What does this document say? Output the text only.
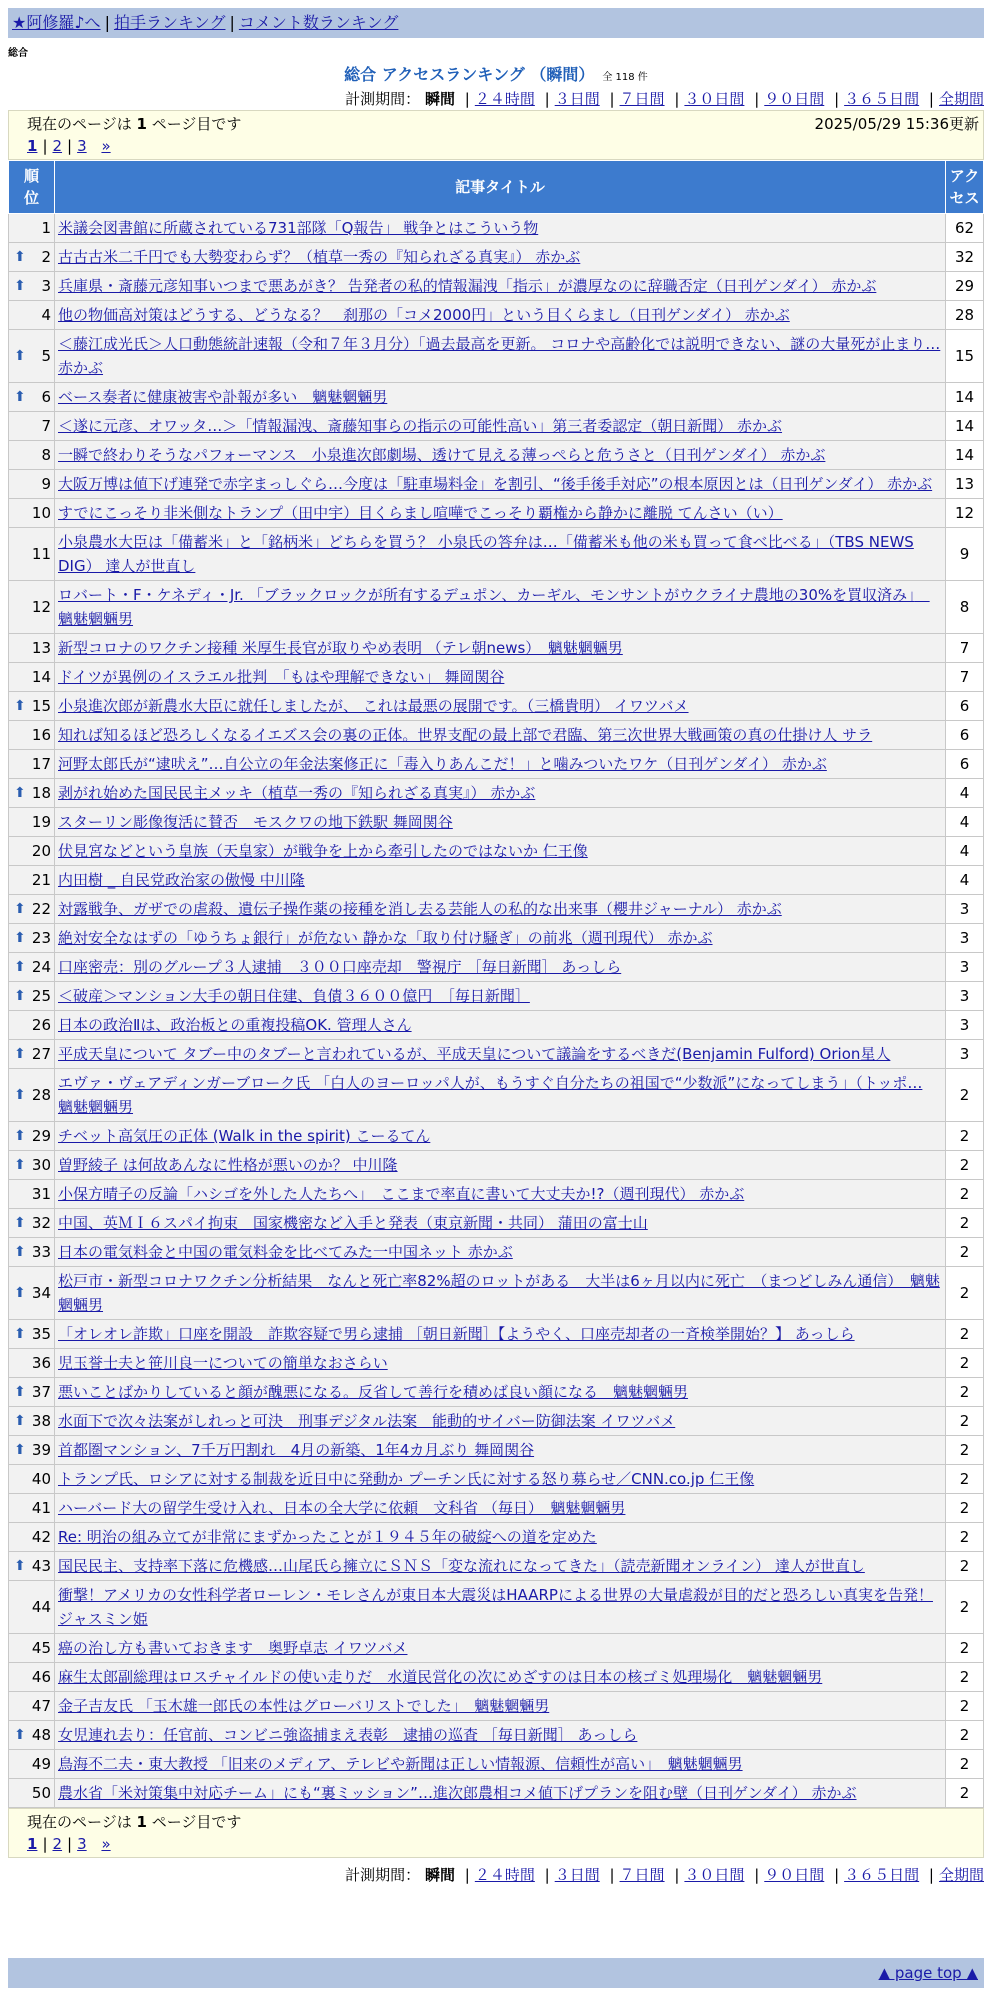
★阿修羅♪へ | 拍手ランキング | コメント数ランキング
総合
総合 アクセスランキング （瞬間） 全 118 件
計測期間： 瞬間 | ２４時間 | ３日間 | ７日間 | ３０日間 | ９０日間 | ３６５日間 | 全期間
現在のページは 1 ページ目です	2025/05/29 15:36更新
1 | 2 | 3 »
順位	記事タイトル	アクセス
1	米議会図書館に所蔵されている731部隊「Q報告」 戦争とはこういう物	62

⬆ 2	古古古米二千円でも大勢変わらず？（植草一秀の『知られざる真実』） 赤かぶ	32

⬆ 3	兵庫県・斎藤元彦知事いつまで悪あがき？ 告発者の私的情報漏洩「指示」が濃厚なのに辞職否定（日刊ゲンダイ） 赤かぶ	29
4	他の物価高対策はどうする、どうなる？　刹那の「コメ2000円」という目くらまし（日刊ゲンダイ） 赤かぶ	28

⬆ 5	＜藤江成光氏＞人口動態統計速報（令和７年３月分）「過去最高を更新。 コロナや高齢化では説明できない、謎の大量死が止まり… 赤かぶ	15

⬆ 6	ベース奏者に健康被害や訃報が多い　魑魅魍魎男	14
7	＜遂に元彦、オワッタ…＞「情報漏洩、斎藤知事らの指示の可能性高い」第三者委認定（朝日新聞） 赤かぶ	14
8	一瞬で終わりそうなパフォーマンス　小泉進次郎劇場、透けて見える薄っぺらと危うさと（日刊ゲンダイ） 赤かぶ	14
9	大阪万博は値下げ連発で赤字まっしぐら…今度は「駐車場料金」を割引、“後手後手対応”の根本原因とは（日刊ゲンダイ） 赤かぶ	13
10	すでにこっそり非米側なトランプ（田中宇）目くらまし喧嘩でこっそり覇権から静かに離脱 てんさい（い）	12
11	小泉農水大臣は「備蓄米」と「銘柄米」どちらを買う？ 小泉氏の答弁は…「備蓄米も他の米も買って食べ比べる」（TBS NEWS DIG） 達人が世直し	9
12	ロバート・F・ケネディ・Jr. 「ブラックロックが所有するデュポン、カーギル、モンサントがウクライナ農地の30%を買収済み」　魑魅魍魎男	8
13	新型コロナのワクチン接種 米厚生長官が取りやめ表明 （テレ朝news）　魑魅魍魎男	7
14	ドイツが異例のイスラエル批判　「もはや理解できない」 舞岡関谷	7

⬆ 15	小泉進次郎が新農水大臣に就任しましたが、 これは最悪の展開です。（三橋貴明） イワツバメ	6
16	知れば知るほど恐ろしくなるイエズス会の裏の正体。世界支配の最上部で君臨、第三次世界大戦画策の真の仕掛け人 サラ	6
17	河野太郎氏が“逮吠え”…自公立の年金法案修正に「毒入りあんこだ！」と噛みついたワケ（日刊ゲンダイ） 赤かぶ	6

⬆ 18	剥がれ始めた国民民主メッキ（植草一秀の『知られざる真実』） 赤かぶ	4
19	スターリン彫像復活に賛否　モスクワの地下鉄駅 舞岡関谷	4
20	伏見宮などという皇族（天皇家）が戦争を上から牽引したのではないか 仁王像	4
21	内田樹 _ 自民党政治家の傲慢 中川隆	4

⬆ 22	対露戦争、ガザでの虐殺、遺伝子操作薬の接種を消し去る芸能人の私的な出来事（櫻井ジャーナル） 赤かぶ	3

⬆ 23	絶対安全なはずの「ゆうちょ銀行」が危ない 静かな「取り付け騒ぎ」の前兆（週刊現代） 赤かぶ	3

⬆ 24	口座密売：別のグループ３人逮捕　３００口座売却　警視庁 ［毎日新聞］ あっしら	3

⬆ 25	＜破産＞マンション大手の朝日住建、負債３６００億円　［毎日新聞］	3
26	日本の政治Ⅱは、政治板との重複投稿OK. 管理人さん	3

⬆ 27	平成天皇について タブー中のタブーと言われているが、平成天皇について議論をするべきだ(Benjamin Fulford) Orion星人	3

⬆ 28	エヴァ・ヴェアディンガーブローク氏 「白人のヨーロッパ人が、もうすぐ自分たちの祖国で“少数派”になってしまう」（トッポ… 魑魅魍魎男	2

⬆ 29	チベット高気圧の正体 (Walk in the spirit) こーるてん	2

⬆ 30	曽野綾子 は何故あんなに性格が悪いのか？ 中川隆	2
31	小保方晴子の反論「ハシゴを外した人たちへ」　ここまで率直に書いて大丈夫か!?（週刊現代） 赤かぶ	2

⬆ 32	中国、英ＭＩ６スパイ拘束　国家機密など入手と発表（東京新聞・共同） 蒲田の富士山	2

⬆ 33	日本の電気料金と中国の電気料金を比べてみた一中国ネット 赤かぶ	2

⬆ 34	松戸市・新型コロナワクチン分析結果　なんと死亡率82%超のロットがある　大半は6ヶ月以内に死亡　（まつどしみん通信）　魑魅魍魎男	2

⬆ 35	「オレオレ詐欺」口座を開設　詐欺容疑で男ら逮捕 ［朝日新聞］【ようやく、口座売却者の一斉検挙開始？】 あっしら	2
36	児玉誉士夫と笹川良一についての簡単なおさらい	2

⬆ 37	悪いことばかりしていると顔が醜悪になる。反省して善行を積めば良い顔になる　魑魅魍魎男	2

⬆ 38	水面下で次々法案がしれっと可決　刑事デジタル法案　能動的サイバー防御法案 イワツバメ	2

⬆ 39	首都圏マンション、7千万円割れ　4月の新築、1年4カ月ぶり 舞岡関谷	2
40	トランプ氏、ロシアに対する制裁を近日中に発動か プーチン氏に対する怒り募らせ／CNN.co.jp 仁王像	2
41	ハーバード大の留学生受け入れ、日本の全大学に依頼　文科省 （毎日）　魑魅魍魎男	2
42	Re: 明治の組み立てが非常にまずかったことが１９４５年の破綻への道を定めた	2

⬆ 43	国民民主、支持率下落に危機感…山尾氏ら擁立にＳＮＳ「変な流れになってきた」（読売新聞オンライン） 達人が世直し	2
44	衝撃！アメリカの女性科学者ローレン・モレさんが東日本大震災はHAARPによる世界の大量虐殺が目的だと恐ろしい真実を告発！ ジャスミン姫	2
45	癌の治し方も書いておきます　奥野卓志 イワツバメ	2
46	麻生太郎副総理はロスチャイルドの使い走りだ　水道民営化の次にめざすのは日本の核ゴミ処理場化　魑魅魍魎男	2
47	金子吉友氏 「玉木雄一郎氏の本性はグローバリストでした」　魑魅魍魎男	2

⬆ 48	女児連れ去り：任官前、コンビニ強盗捕まえ表彰　逮捕の巡査 ［毎日新聞］ あっしら	2
49	鳥海不二夫・東大教授 「旧来のメディア、テレビや新聞は正しい情報源、信頼性が高い」　魑魅魍魎男	2
50	農水省「米対策集中対応チーム」にも“裏ミッション”…進次郎農相コメ値下げプランを阻む壁（日刊ゲンダイ） 赤かぶ	2
現在のページは 1 ページ目です
1 | 2 | 3 »
計測期間： 瞬間 | ２４時間 | ３日間 | ７日間 | ３０日間 | ９０日間 | ３６５日間 | 全期間
▲ page top ▲
